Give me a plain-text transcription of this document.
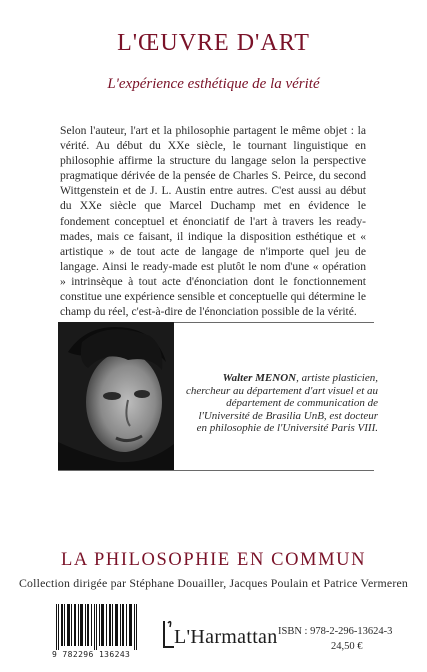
L'ŒUVRE D'ART
L'expérience esthétique de la vérité
Selon l'auteur, l'art et la philosophie partagent le même objet : la vérité. Au début du XXe siècle, le tournant linguistique en philosophie affirme la structure du langage selon la perspective pragmatique dérivée de la pensée de Charles S. Peirce, du second Wittgenstein et de J. L. Austin entre autres. C'est aussi au début du XXe siècle que Marcel Duchamp met en évidence le fondement conceptuel et énonciatif de l'art à travers les ready-mades, mais ce faisant, il indique la disposition esthétique et « artistique » de tout acte de langage de n'importe quel jeu de langage. Ainsi le ready-made est plutôt le nom d'une « opération » intrinsèque à tout acte d'énonciation dont le fonctionnement constitue une expérience sensible et conceptuelle qui détermine le champ du réel, c'est-à-dire de l'énonciation possible de la vérité.
Walter MENON, artiste plasticien, chercheur au département d'art visuel et au département de communication de l'Université de Brasilia UnB, est docteur en philosophie de l'Université Paris VIII.
LA PHILOSOPHIE EN COMMUN
Collection dirigée par Stéphane Douailler, Jacques Poulain et Patrice Vermeren
9 782296 136243
L'Harmattan ISBN : 978-2-296-13624-3
24,50 €
